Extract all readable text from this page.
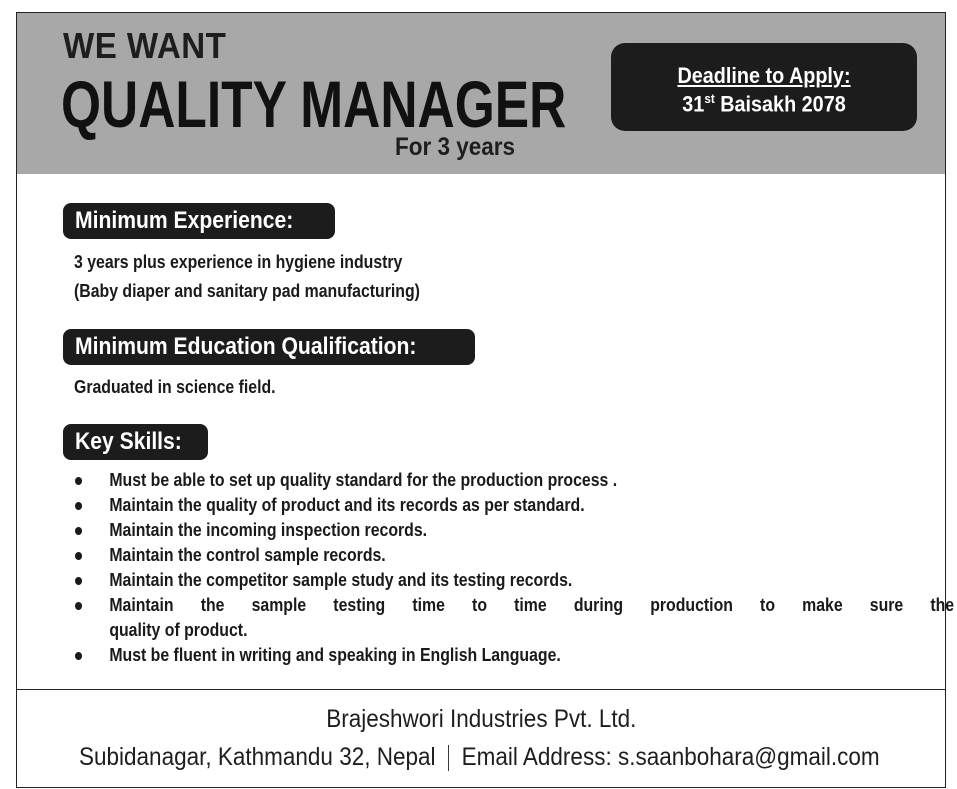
WE WANT
QUALITY MANAGER
For 3 years
Deadline to Apply:
31st Baisakh 2078
Minimum Experience:
3 years plus experience in hygiene industry
(Baby diaper and sanitary pad manufacturing)
Minimum Education Qualification:
Graduated in science field.
Key Skills:
Must be able to set up quality standard for the production process .
Maintain the quality of product and its records as per standard.
Maintain the incoming inspection records.
Maintain the control sample records.
Maintain the competitor sample study and its testing records.
Maintain the sample testing time to time during production to make sure the
quality of product.
Must be fluent in writing and speaking in English Language.
Brajeshwori Industries Pvt. Ltd.
Subidanagar, Kathmandu 32, Nepal Email Address: s.saanbohara@gmail.com
